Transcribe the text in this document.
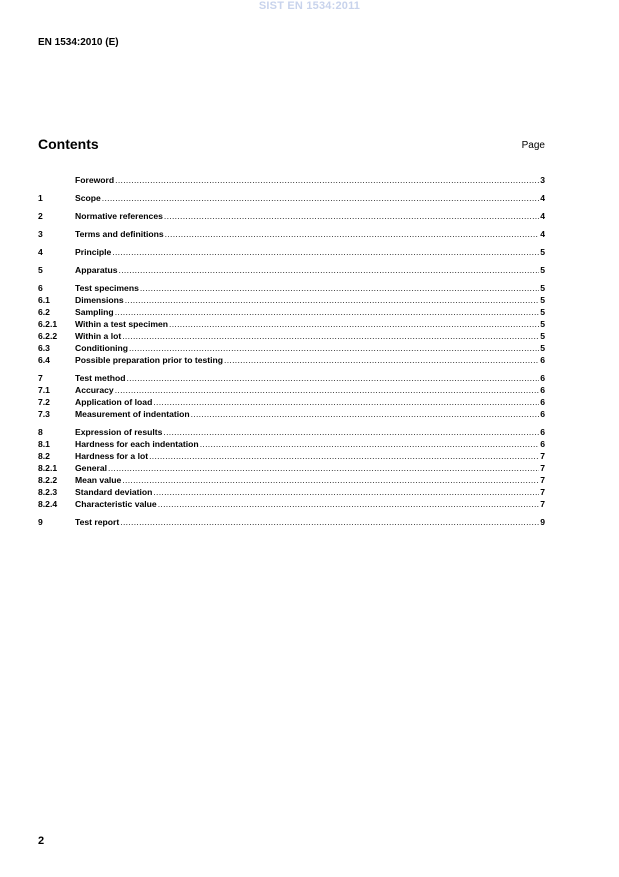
SIST EN 1534:2011
EN 1534:2010 (E)
Contents	Page
Foreword .....	3
1	Scope .....	4
2	Normative references .....	4
3	Terms and definitions .....	4
4	Principle .....	5
5	Apparatus .....	5
6	Test specimens .....	5
6.1	Dimensions .....	5
6.2	Sampling .....	5
6.2.1	Within a test specimen .....	5
6.2.2	Within a lot .....	5
6.3	Conditioning .....	5
6.4	Possible preparation prior to testing .....	6
7	Test method .....	6
7.1	Accuracy .....	6
7.2	Application of load .....	6
7.3	Measurement of indentation .....	6
8	Expression of results .....	6
8.1	Hardness for each indentation .....	6
8.2	Hardness for a lot .....	7
8.2.1	General .....	7
8.2.2	Mean value .....	7
8.2.3	Standard deviation .....	7
8.2.4	Characteristic value .....	7
9	Test report .....	9
2
